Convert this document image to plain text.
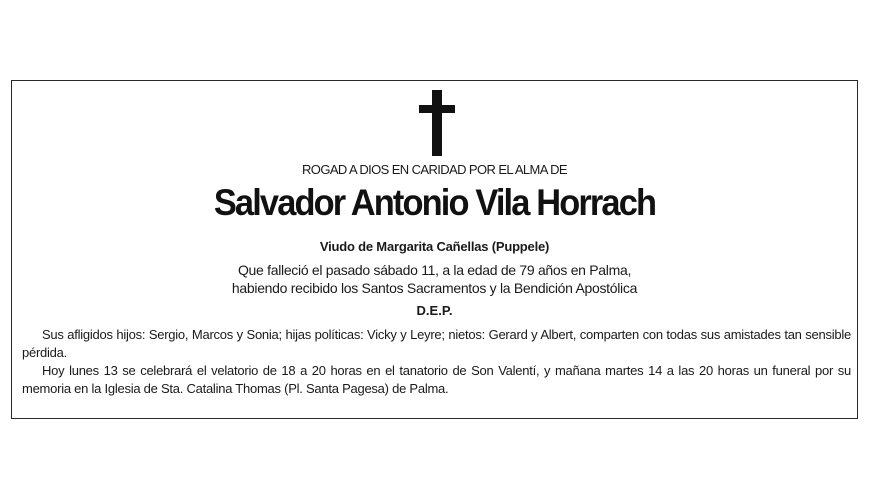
ROGAD A DIOS EN CARIDAD POR EL ALMA DE
Salvador Antonio Vila Horrach
Viudo de Margarita Cañellas (Puppele)
Que falleció el pasado sábado 11, a la edad de 79 años en Palma,
habiendo recibido los Santos Sacramentos y la Bendición Apostólica
D.E.P.

Sus afligidos hijos: Sergio, Marcos y Sonia; hijas políticas: Vicky y Leyre; nietos: Gerard y Albert, comparten con todas sus amistades tan sensible pérdida.

Hoy lunes 13 se celebrará el velatorio de 18 a 20 horas en el tanatorio de Son Valentí, y mañana martes 14 a las 20 horas un funeral por su memoria en la Iglesia de Sta. Catalina Thomas (Pl. Santa Pagesa) de Palma.
